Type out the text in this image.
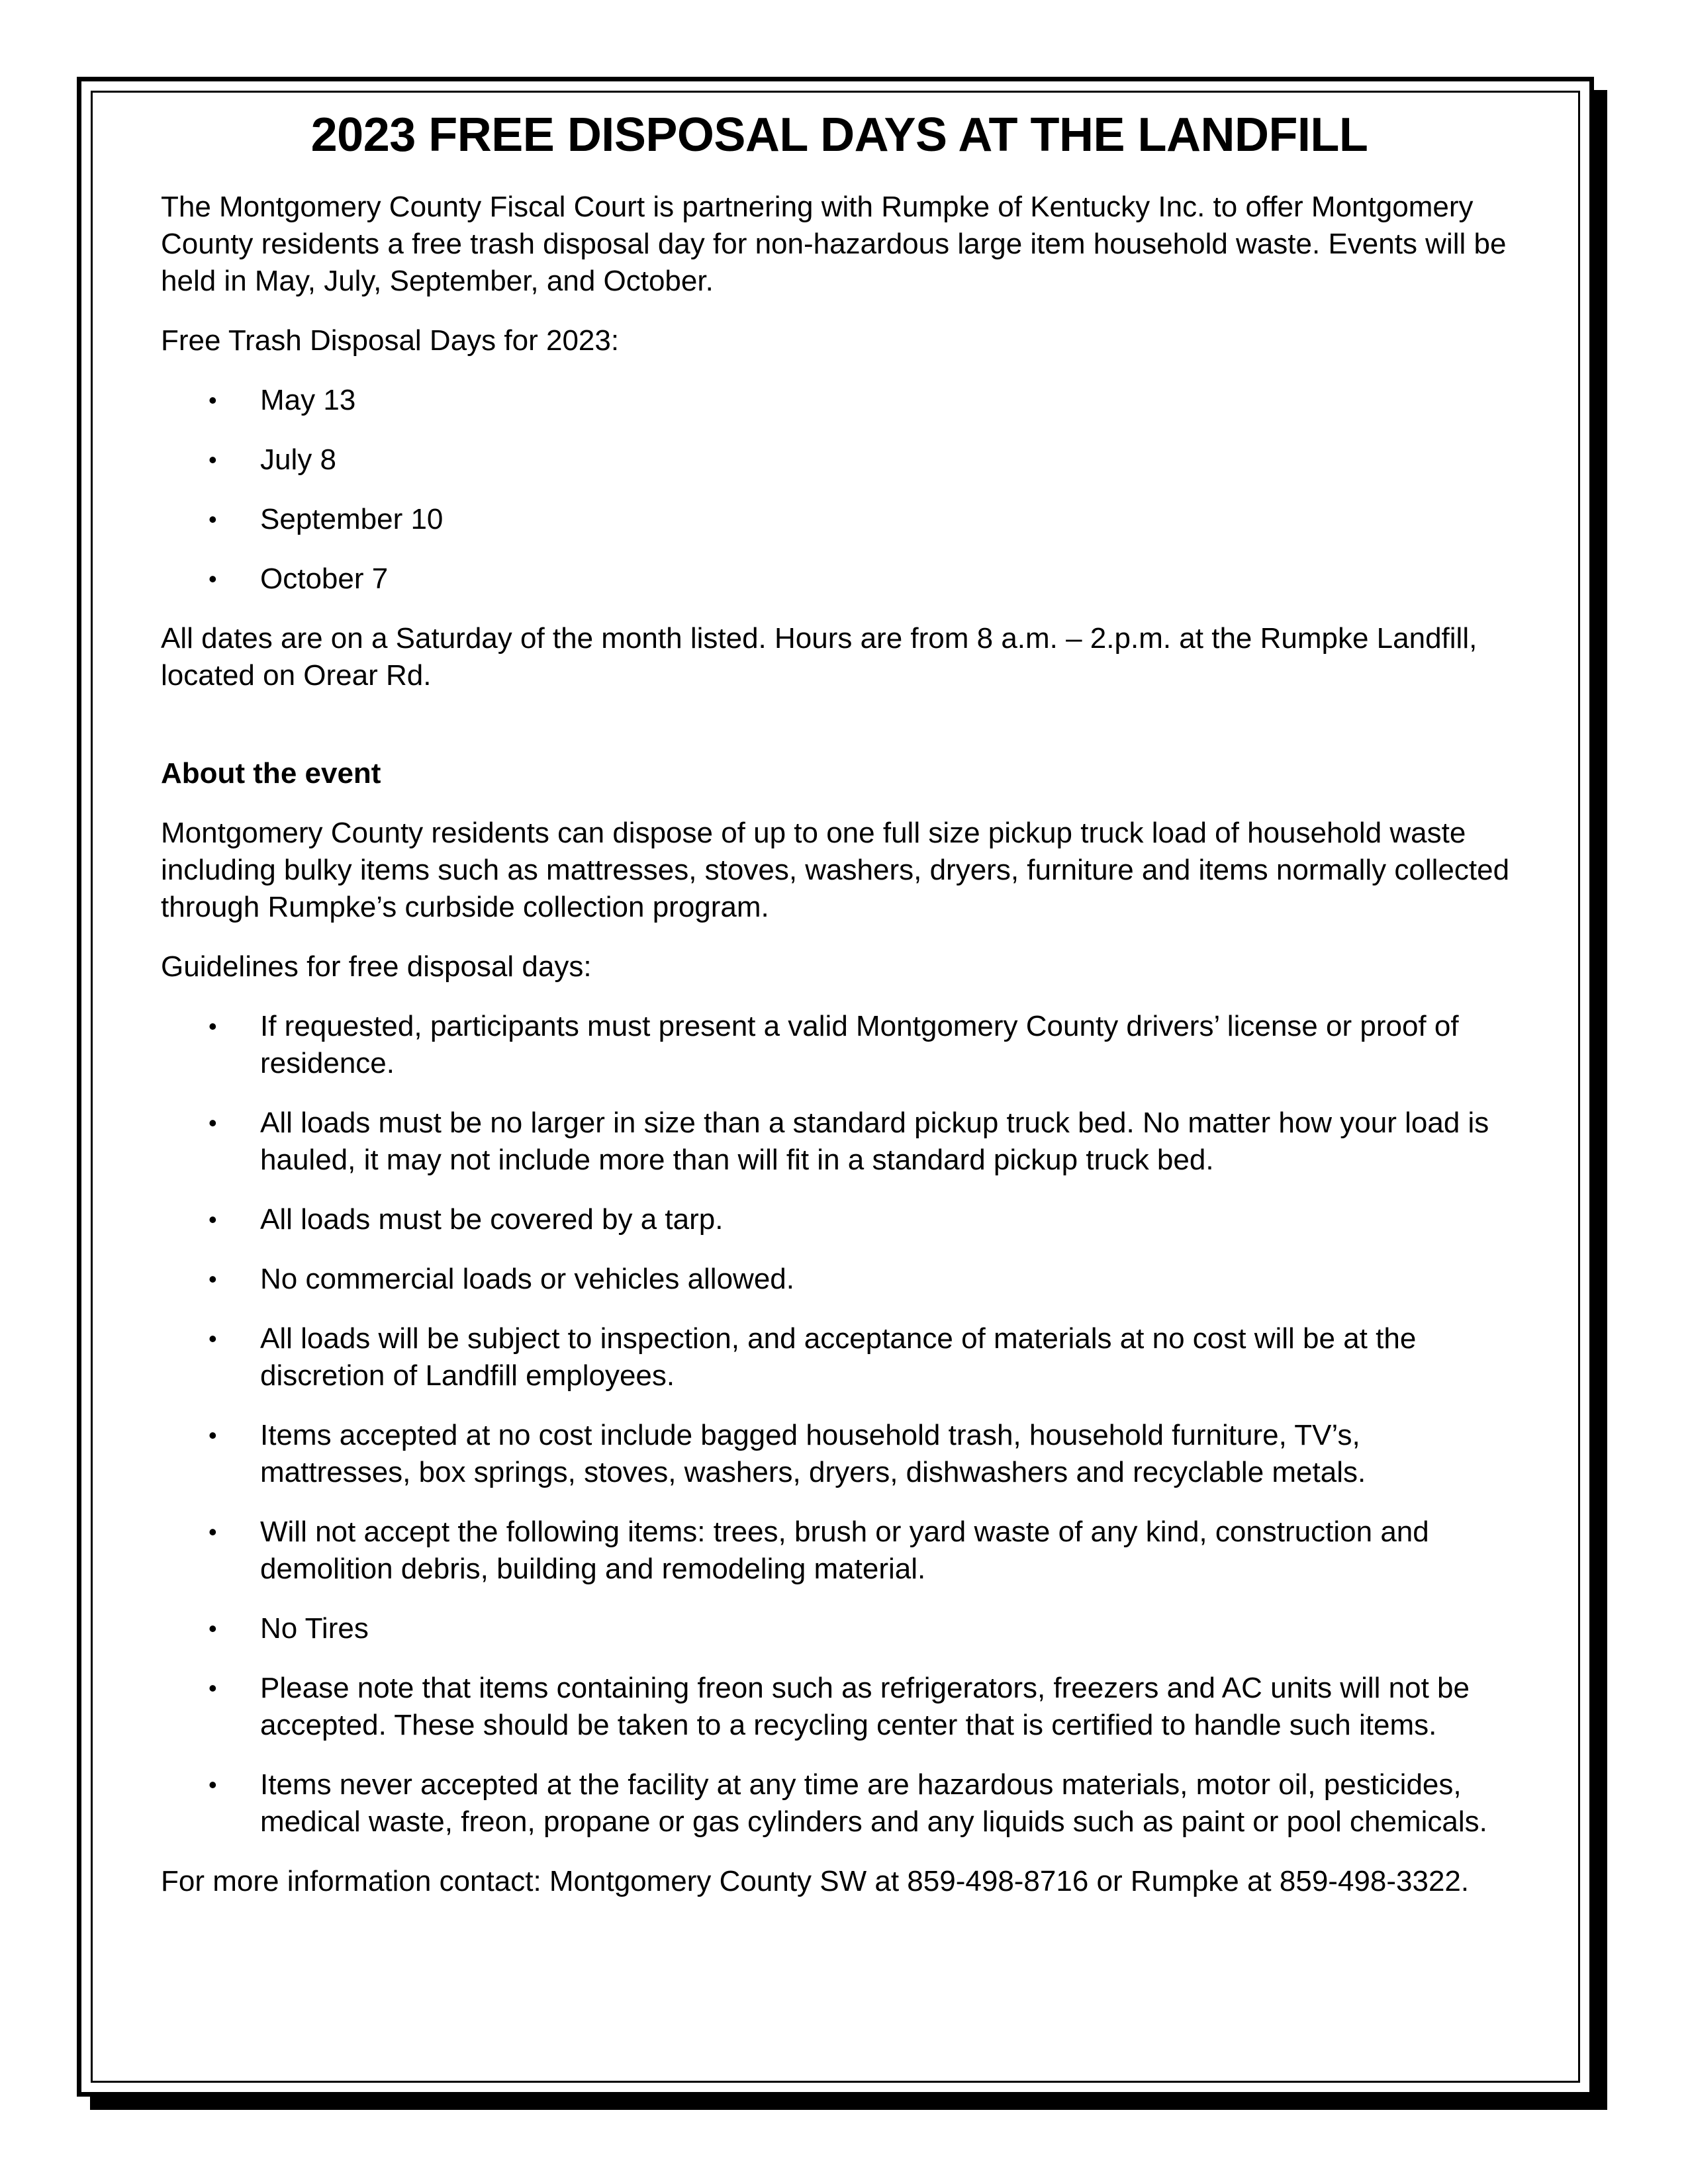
2023 FREE DISPOSAL DAYS AT THE LANDFILL

The Montgomery County Fiscal Court is partnering with Rumpke of Kentucky Inc. to offer Montgomery County residents a free trash disposal day for non-hazardous large item household waste. Events will be held in May, July, September, and October.

Free Trash Disposal Days for 2023:

• May 13
• July 8
• September 10
• October 7

All dates are on a Saturday of the month listed. Hours are from 8 a.m. – 2.p.m. at the Rumpke Landfill, located on Orear Rd.

About the event

Montgomery County residents can dispose of up to one full size pickup truck load of household waste including bulky items such as mattresses, stoves, washers, dryers, furniture and items normally collected through Rumpke’s curbside collection program.

Guidelines for free disposal days:

• If requested, participants must present a valid Montgomery County drivers’ license or proof of residence.
• All loads must be no larger in size than a standard pickup truck bed. No matter how your load is hauled, it may not include more than will fit in a standard pickup truck bed.
• All loads must be covered by a tarp.
• No commercial loads or vehicles allowed.
• All loads will be subject to inspection, and acceptance of materials at no cost will be at the discretion of Landfill employees.
• Items accepted at no cost include bagged household trash, household furniture, TV’s, mattresses, box springs, stoves, washers, dryers, dishwashers and recyclable metals.
• Will not accept the following items: trees, brush or yard waste of any kind, construction and demolition debris, building and remodeling material.
• No Tires
• Please note that items containing freon such as refrigerators, freezers and AC units will not be accepted. These should be taken to a recycling center that is certified to handle such items.
• Items never accepted at the facility at any time are hazardous materials, motor oil, pesticides, medical waste, freon, propane or gas cylinders and any liquids such as paint or pool chemicals.

For more information contact: Montgomery County SW at 859-498-8716 or Rumpke at 859-498-3322.
